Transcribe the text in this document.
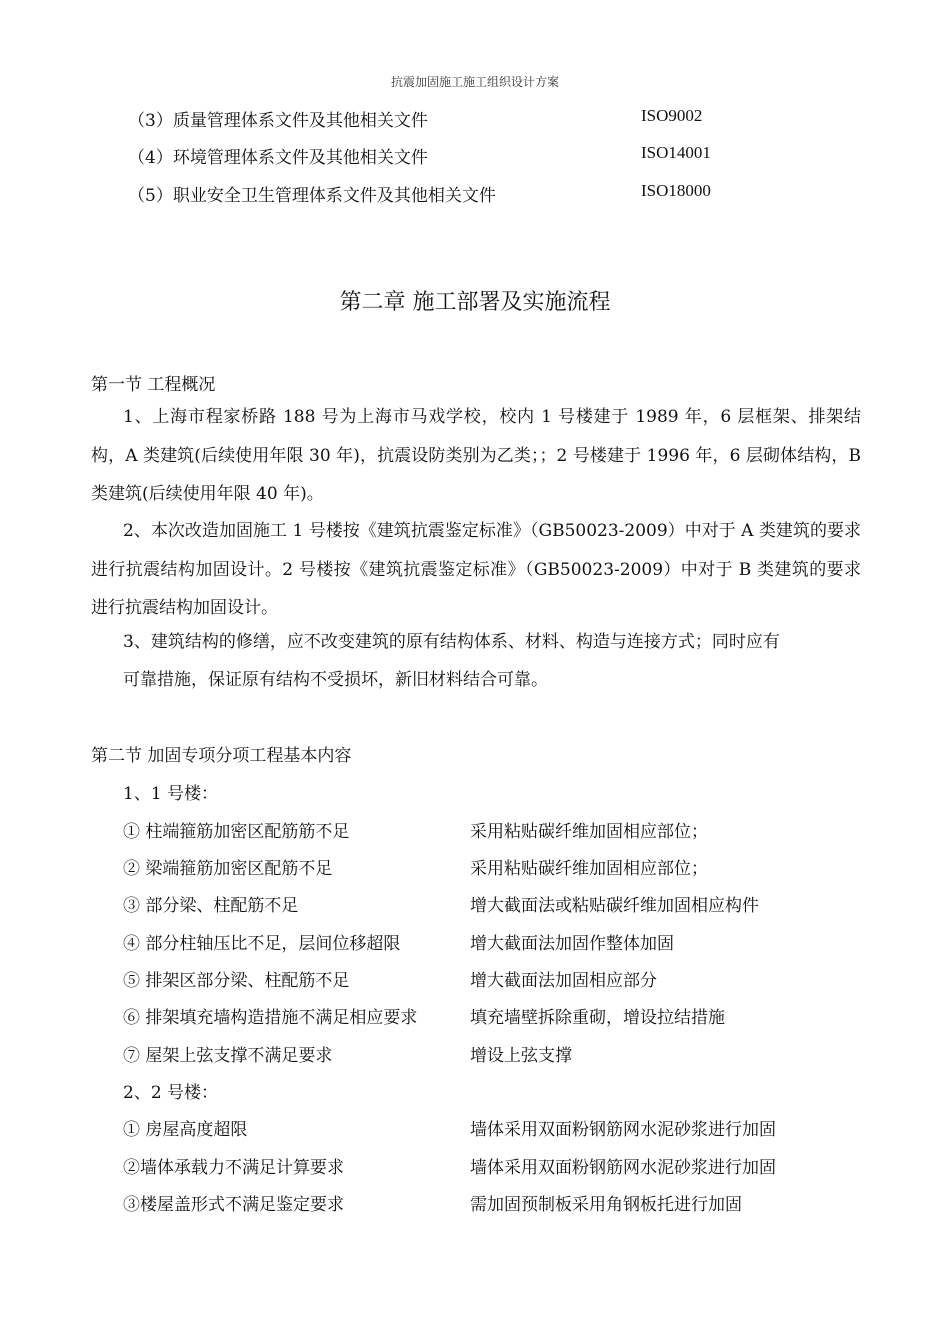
抗震加固施工施工组织设计方案
（3）质量管理体系文件及其他相关文件	ISO9002
（4）环境管理体系文件及其他相关文件	ISO14001
（5）职业安全卫生管理体系文件及其他相关文件	ISO18000
第二章 施工部署及实施流程
第一节 工程概况
1、上海市程家桥路 188 号为上海市马戏学校，校内 1 号楼建于 1989 年，6 层框架、排架结构，A 类建筑(后续使用年限 30 年)，抗震设防类别为乙类；；2 号楼建于 1996 年，6 层砌体结构，B 类建筑(后续使用年限 40 年)。
2、本次改造加固施工 1 号楼按《建筑抗震鉴定标准》（GB50023-2009）中对于 A 类建筑的要求进行抗震结构加固设计。2 号楼按《建筑抗震鉴定标准》（GB50023-2009）中对于 B 类建筑的要求进行抗震结构加固设计。
3、建筑结构的修缮，应不改变建筑的原有结构体系、材料、构造与连接方式；同时应有
可靠措施，保证原有结构不受损坏，新旧材料结合可靠。
第二节 加固专项分项工程基本内容
1、1 号楼：
① 柱端箍筋加密区配筋筋不足	采用粘贴碳纤维加固相应部位；
② 梁端箍筋加密区配筋不足	采用粘贴碳纤维加固相应部位；
③ 部分梁、柱配筋不足	增大截面法或粘贴碳纤维加固相应构件
④ 部分柱轴压比不足，层间位移超限	增大截面法加固作整体加固
⑤ 排架区部分梁、柱配筋不足	增大截面法加固相应部分
⑥ 排架填充墙构造措施不满足相应要求	填充墙壁拆除重砌，增设拉结措施
⑦ 屋架上弦支撑不满足要求	增设上弦支撑
2、2 号楼：
① 房屋高度超限	墙体采用双面粉钢筋网水泥砂浆进行加固
②墙体承载力不满足计算要求	墙体采用双面粉钢筋网水泥砂浆进行加固
③楼屋盖形式不满足鉴定要求	需加固预制板采用角钢板托进行加固
